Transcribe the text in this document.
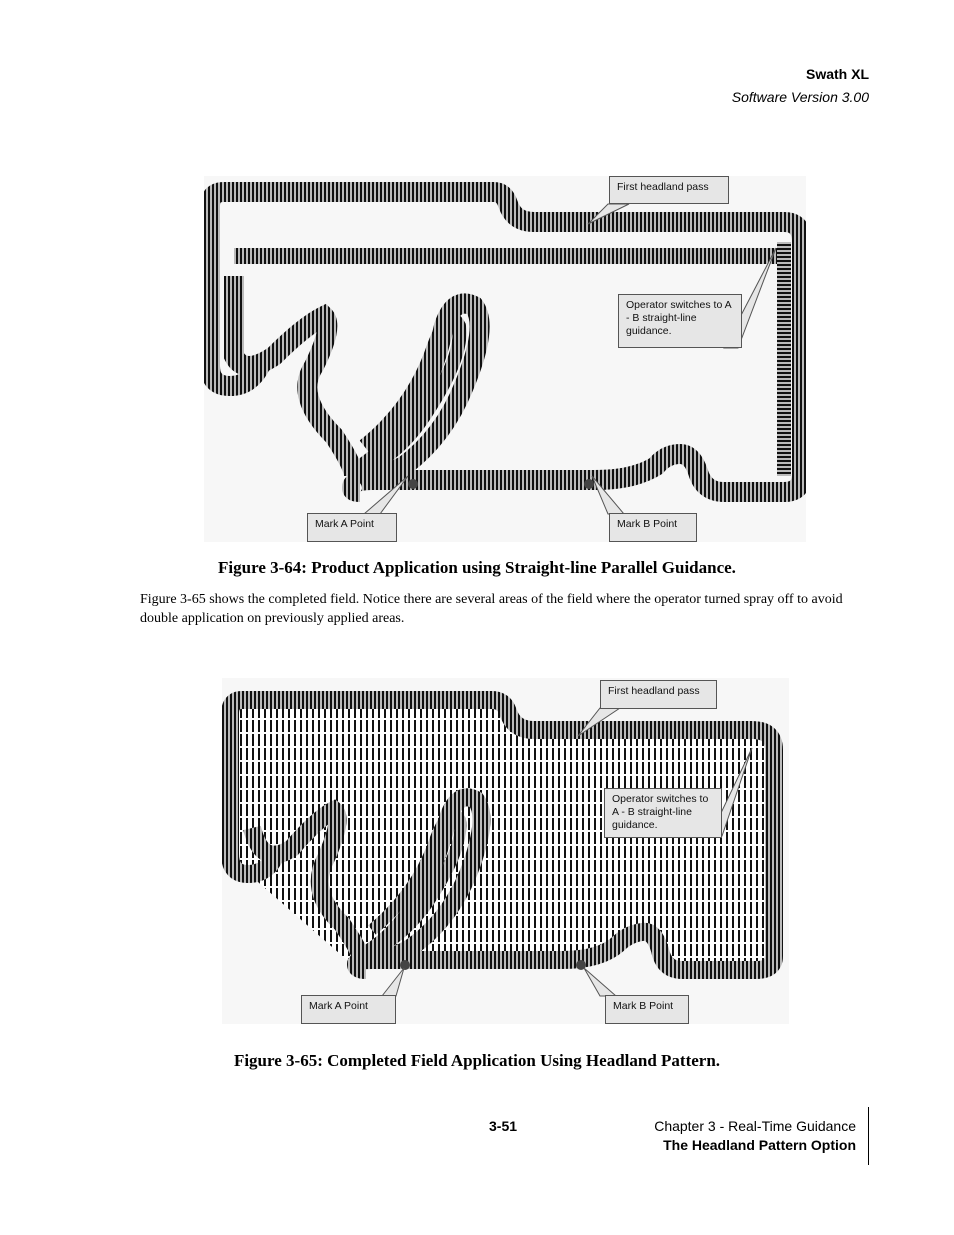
Swath XL
Software Version 3.00
First headland pass
Operator switches to A - B straight-line guidance.
Mark A Point	Mark B Point
Figure 3-64: Product Application using Straight-line Parallel Guidance.
Figure 3-65 shows the completed field. Notice there are several areas of the field where the operator turned spray off to avoid double application on previously applied areas.
First headland pass
Operator switches to A - B straight-line guidance.
Mark A Point	Mark B Point
Figure 3-65: Completed Field Application Using Headland Pattern.
3-51	Chapter 3 - Real-Time Guidance
The Headland Pattern Option
